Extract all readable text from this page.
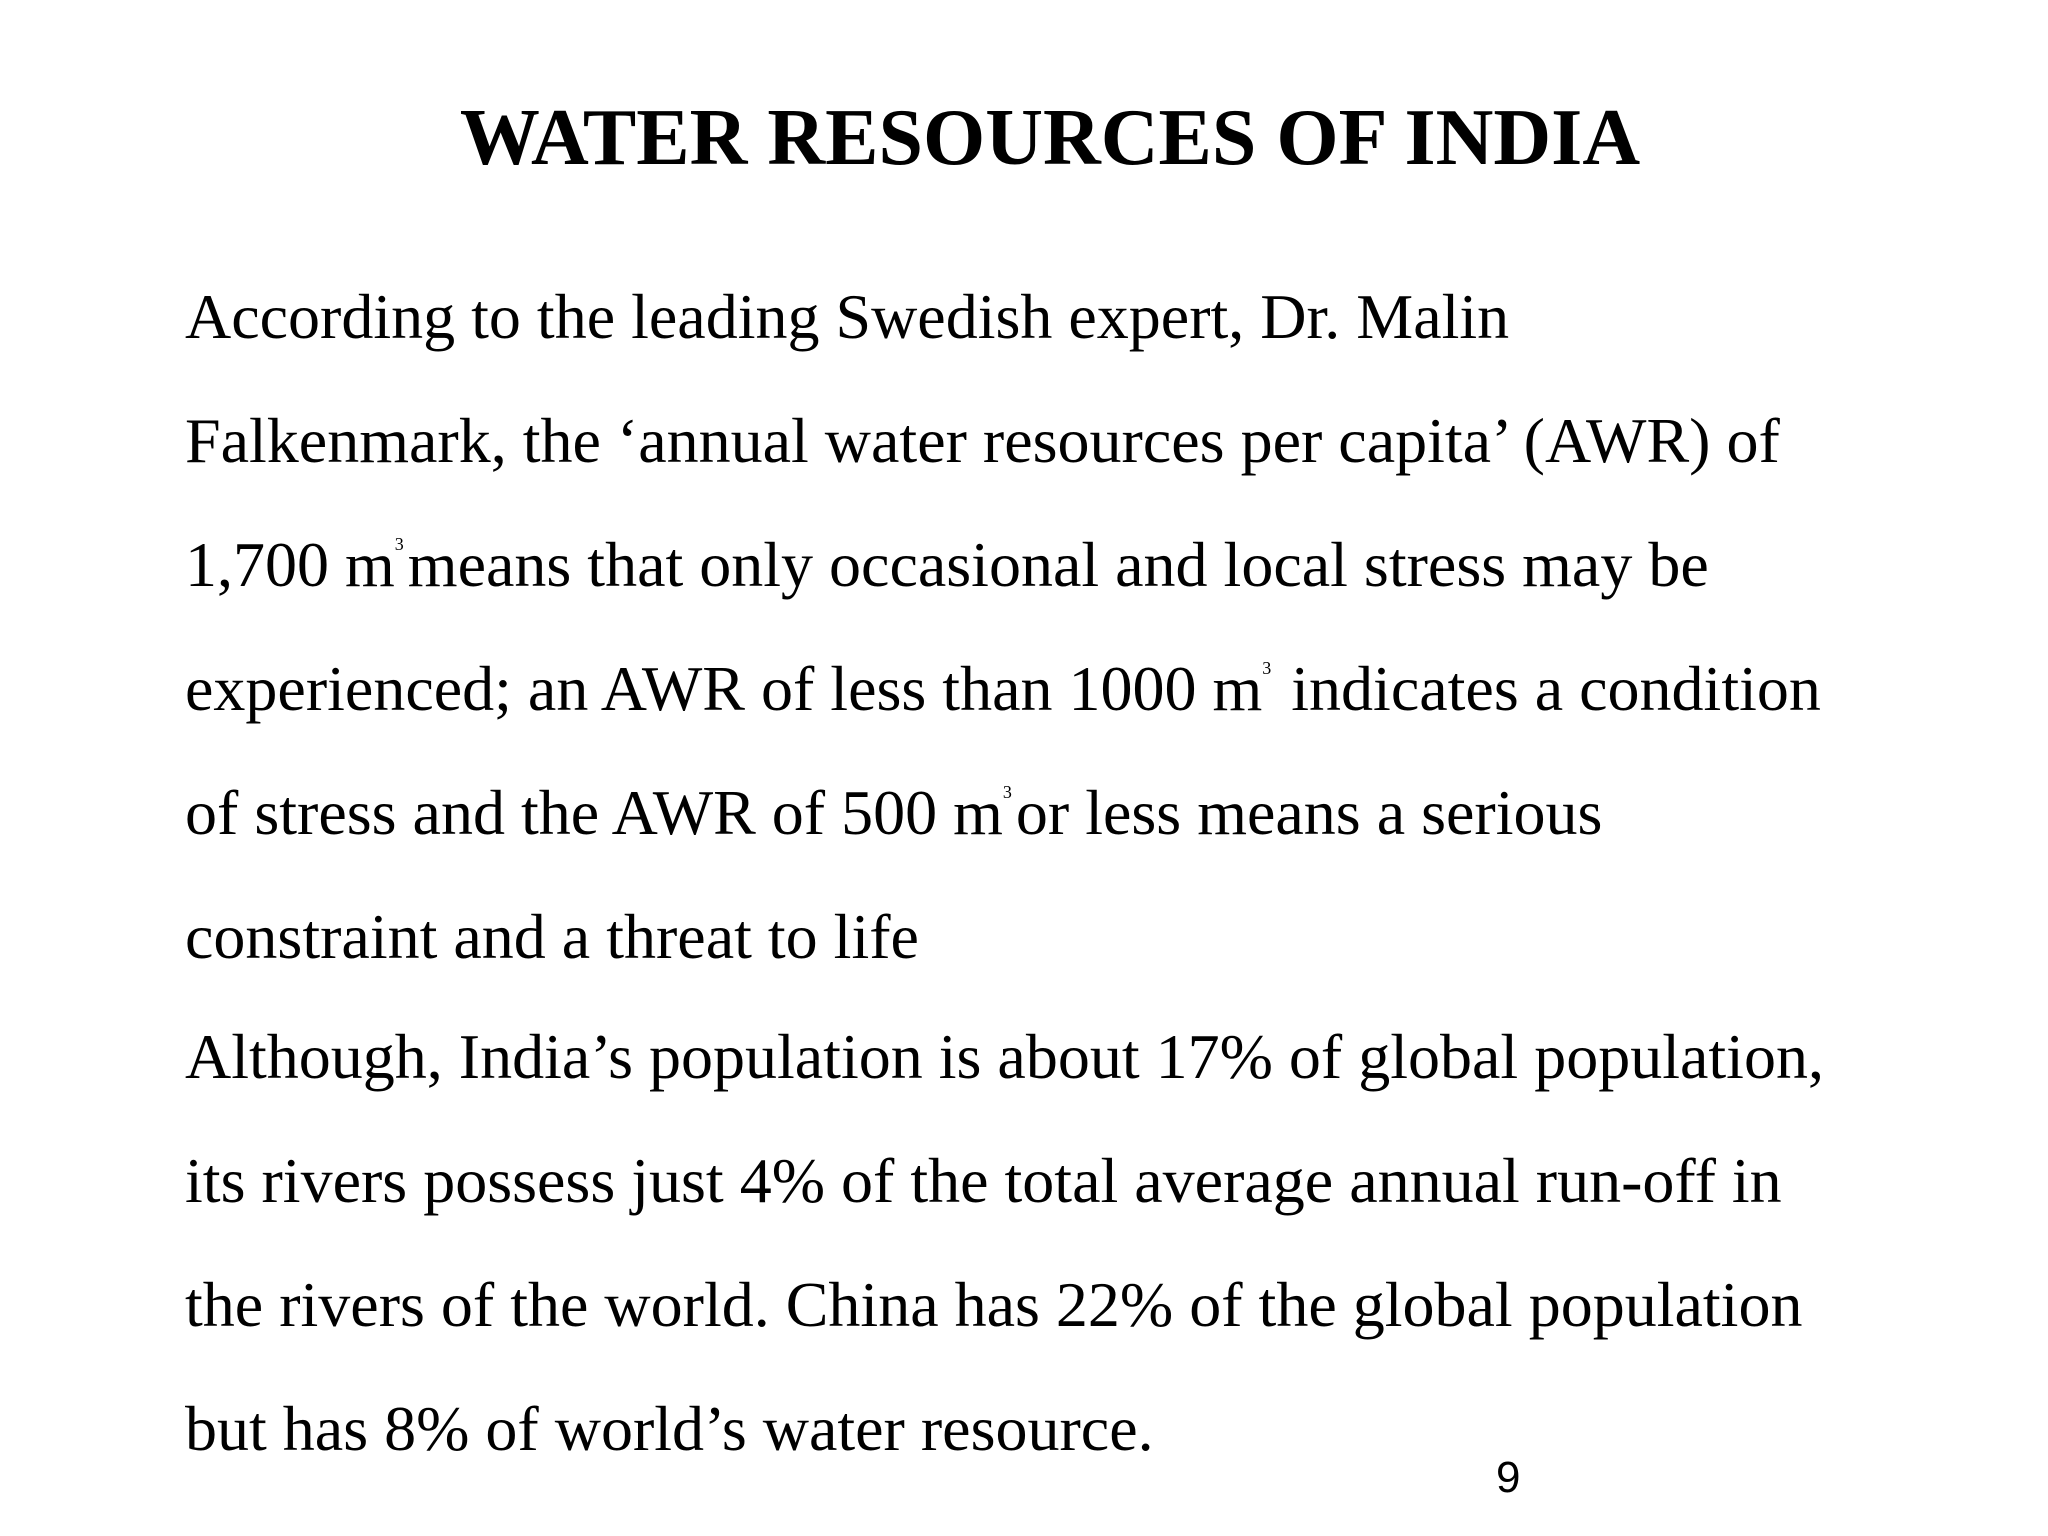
WATER RESOURCES OF INDIA
According to the leading Swedish expert, Dr. Malin
Falkenmark, the ‘annual water resources per capita’ (AWR) of
1,700 $m^3means$ that only occasional and local stress may be
experienced; an AWR of less than 1000 $m^3$ indicates a condition
of stress and the AWR of 500 $m^3or$ less means a serious
constraint and a threat to life
Although, India’s population is about 17% of global population,
its rivers possess just 4% of the total average annual run-off in
the rivers of the world. China has 22% of the global population
but has 8% of world’s water resource.
9
